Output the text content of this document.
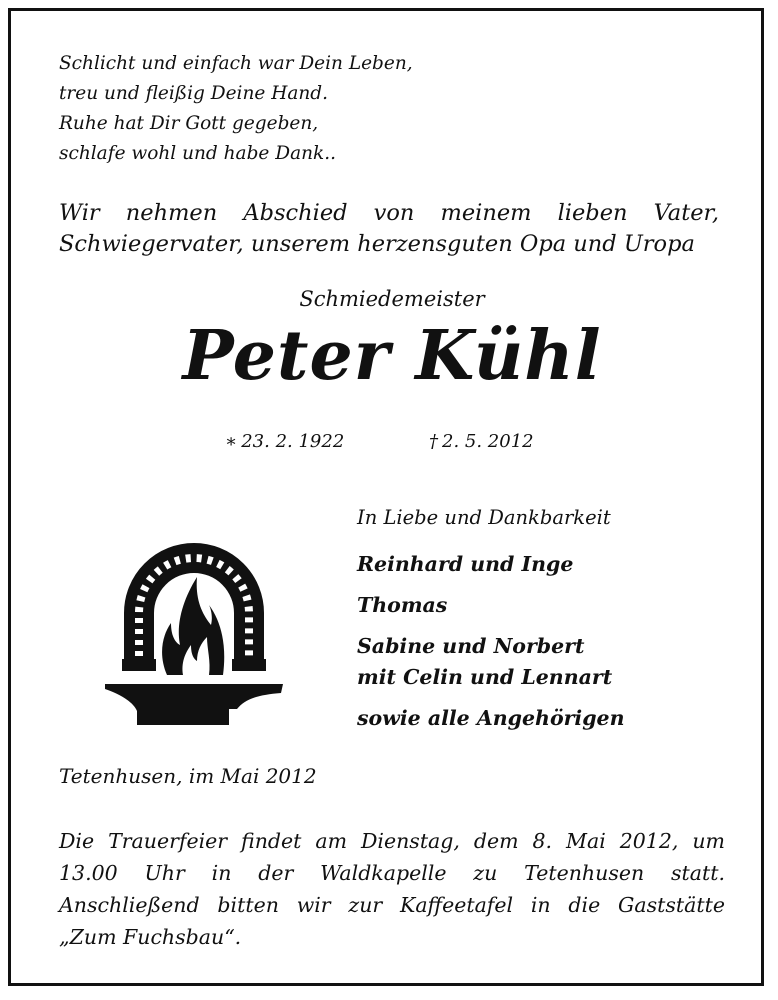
Schlicht und einfach war Dein Leben,
treu und fleißig Deine Hand.
Ruhe hat Dir Gott gegeben,
schlafe wohl und habe Dank..
Wir nehmen Abschied von meinem lieben Vater,
Schwiegervater, unserem herzensguten Opa und Uropa
Schmiedemeister
Peter Kühl
∗ 23. 2. 1922	† 2. 5. 2012
In Liebe und Dankbarkeit
Reinhard und Inge
Thomas
Sabine und Norbert
mit Celin und Lennart
sowie alle Angehörigen
Tetenhusen, im Mai 2012
Die Trauerfeier findet am Dienstag, dem 8. Mai 2012, um
13.00 Uhr in der Waldkapelle zu Tetenhusen statt.
Anschließend bitten wir zur Kaffeetafel in die Gaststätte
„Zum Fuchsbau“.
